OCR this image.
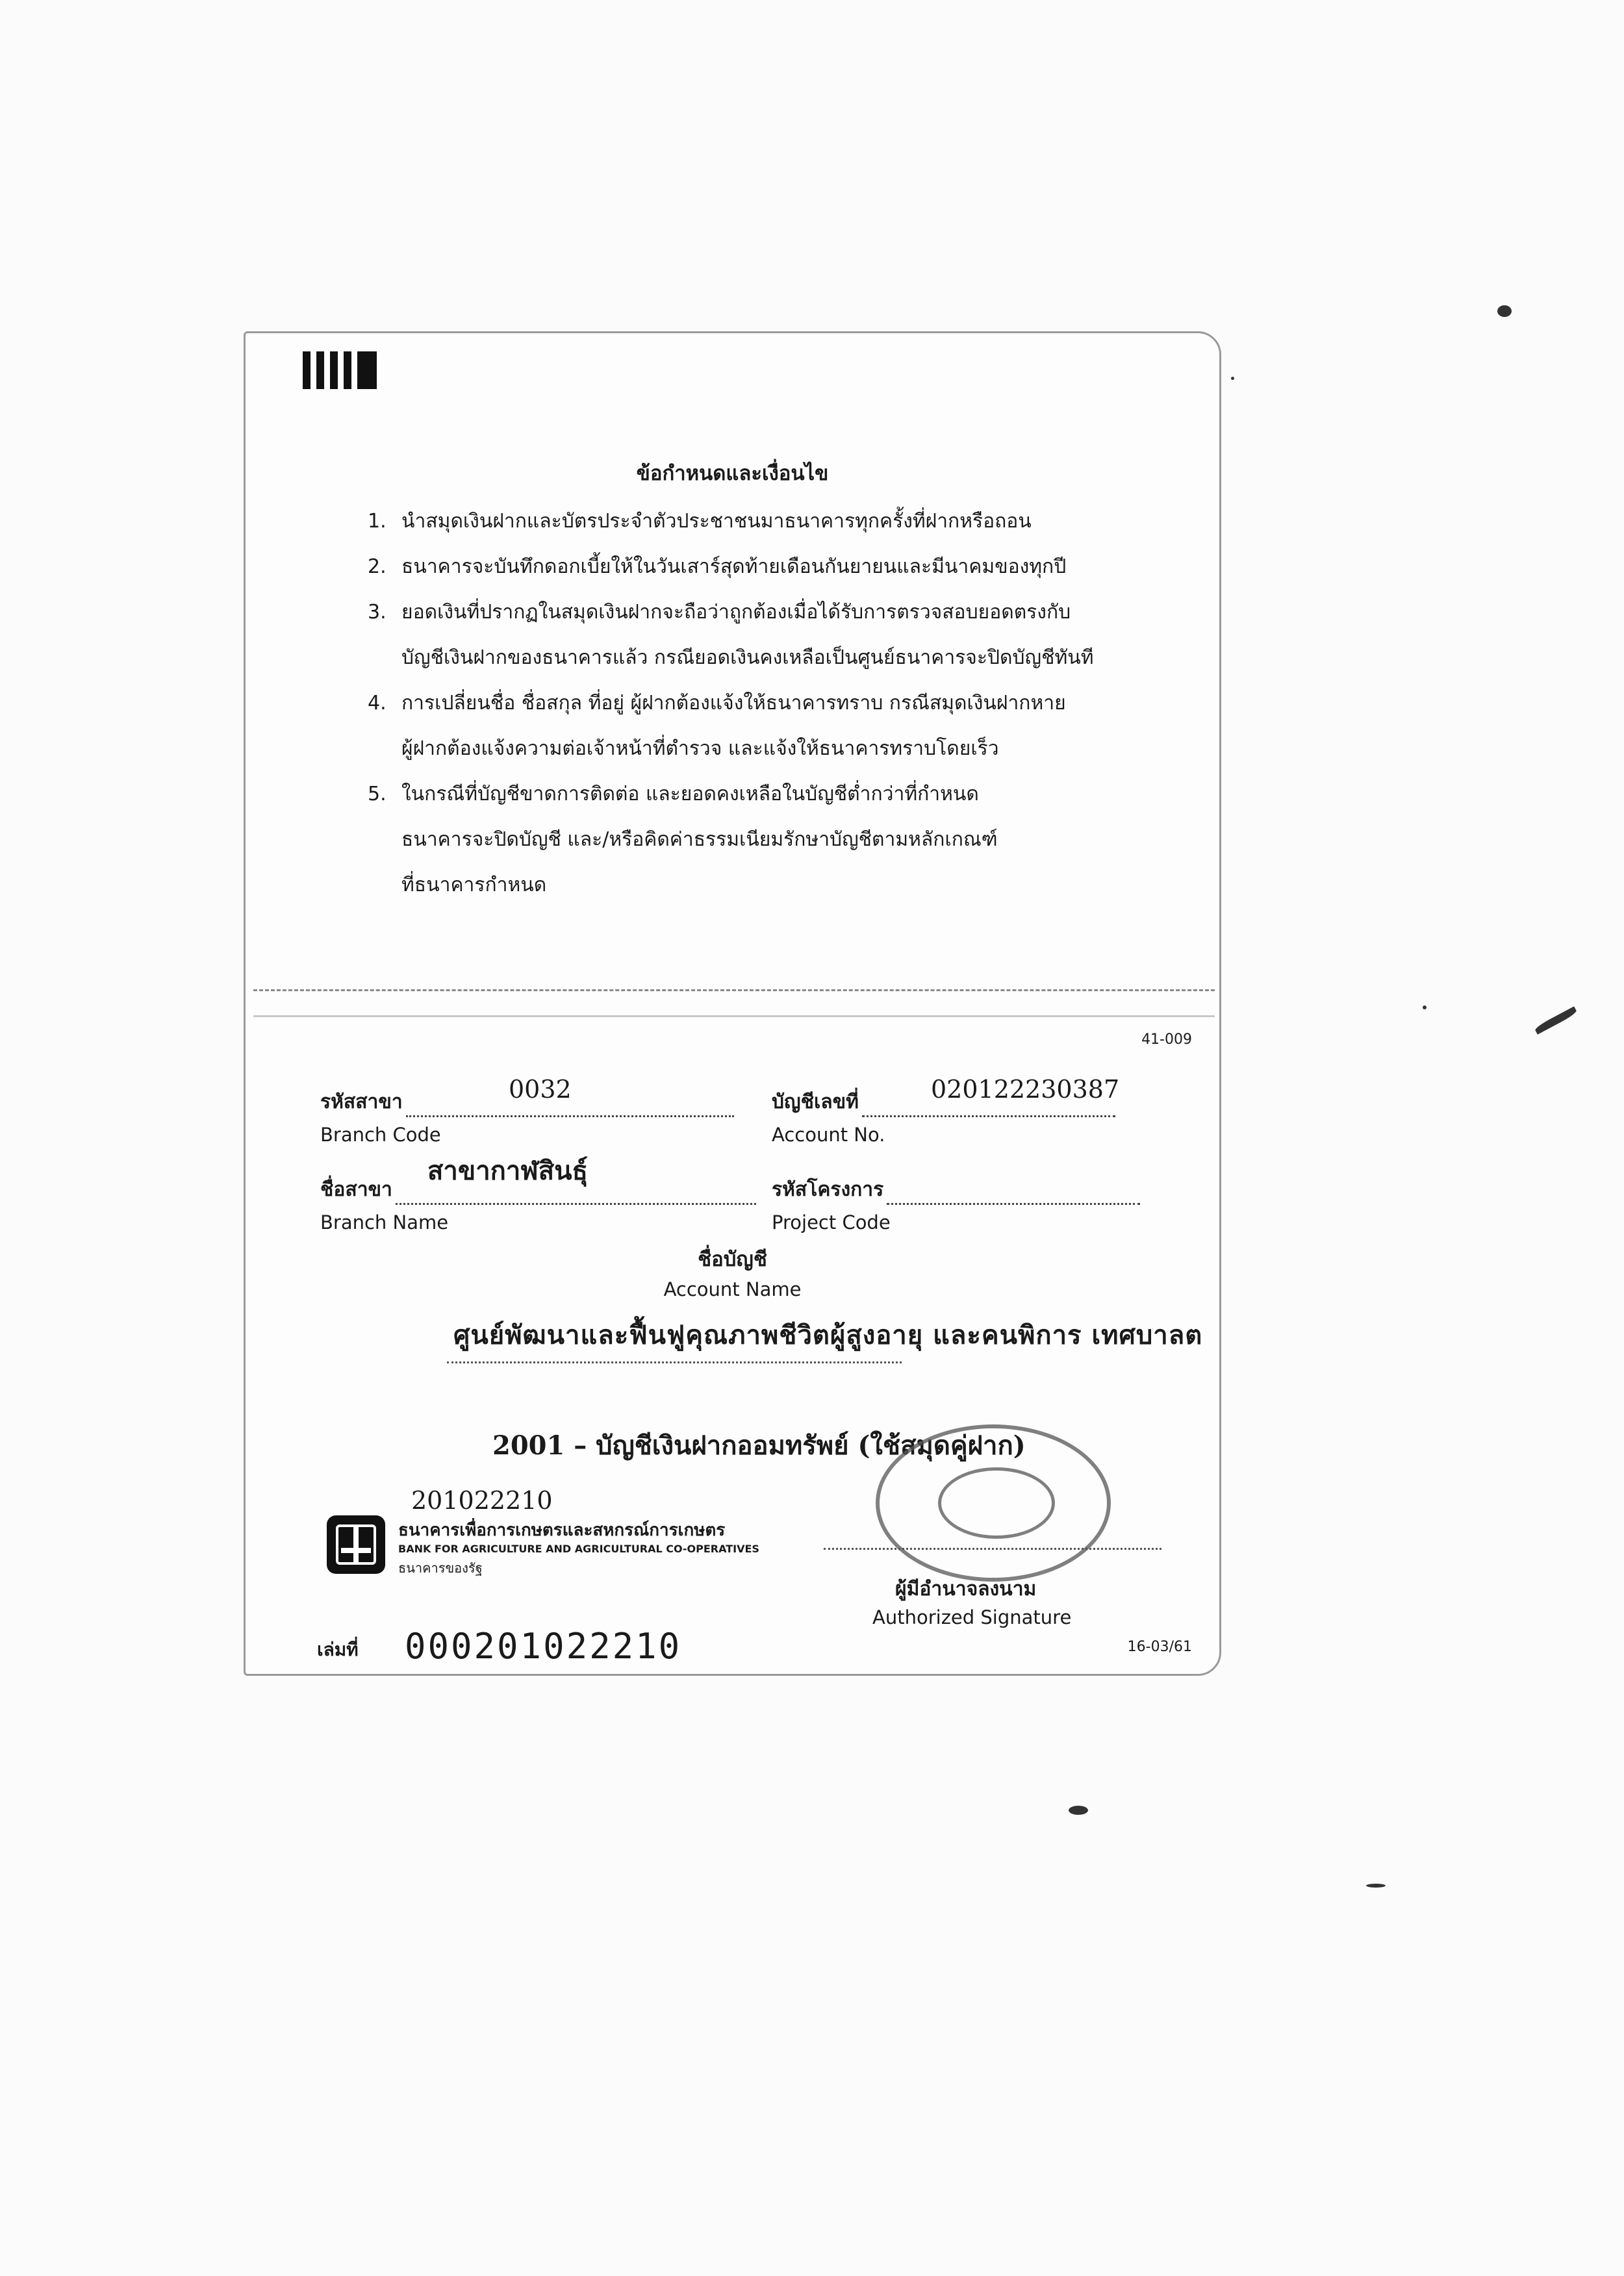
ข้อกำหนดและเงื่อนไข
1. นำสมุดเงินฝากและบัตรประจำตัวประชาชนมาธนาคารทุกครั้งที่ฝากหรือถอน
2. ธนาคารจะบันทึกดอกเบี้ยให้ในวันเสาร์สุดท้ายเดือนกันยายนและมีนาคมของทุกปี
3. ยอดเงินที่ปรากฏในสมุดเงินฝากจะถือว่าถูกต้องเมื่อได้รับการตรวจสอบยอดตรงกับ
บัญชีเงินฝากของธนาคารแล้ว กรณียอดเงินคงเหลือเป็นศูนย์ธนาคารจะปิดบัญชีทันที
4. การเปลี่ยนชื่อ ชื่อสกุล ที่อยู่ ผู้ฝากต้องแจ้งให้ธนาคารทราบ กรณีสมุดเงินฝากหาย
ผู้ฝากต้องแจ้งความต่อเจ้าหน้าที่ตำรวจ และแจ้งให้ธนาคารทราบโดยเร็ว
5. ในกรณีที่บัญชีขาดการติดต่อ และยอดคงเหลือในบัญชีต่ำกว่าที่กำหนด
ธนาคารจะปิดบัญชี และ/หรือคิดค่าธรรมเนียมรักษาบัญชีตามหลักเกณฑ์
ที่ธนาคารกำหนด
41-009
รหัสสาขา
Branch Code
0032	บัญชีเลขที่
Account No.
020122230387
ชื่อสาขา
Branch Name
สาขากาฬสินธุ์
รหัสโครงการ
Project Code
ชื่อบัญชี
Account Name
ศูนย์พัฒนาและฟื้นฟูคุณภาพชีวิตผู้สูงอายุ และคนพิการ เทศบาลต
2001 – บัญชีเงินฝากออมทรัพย์ (ใช้สมุดคู่ฝาก)
201022210
ธนาคารเพื่อการเกษตรและสหกรณ์การเกษตร
BANK FOR AGRICULTURE AND AGRICULTURAL CO-OPERATIVES
ธนาคารของรัฐ
ผู้มีอำนาจลงนาม
Authorized Signature
เล่มที่ 000201022210	16-03/61
